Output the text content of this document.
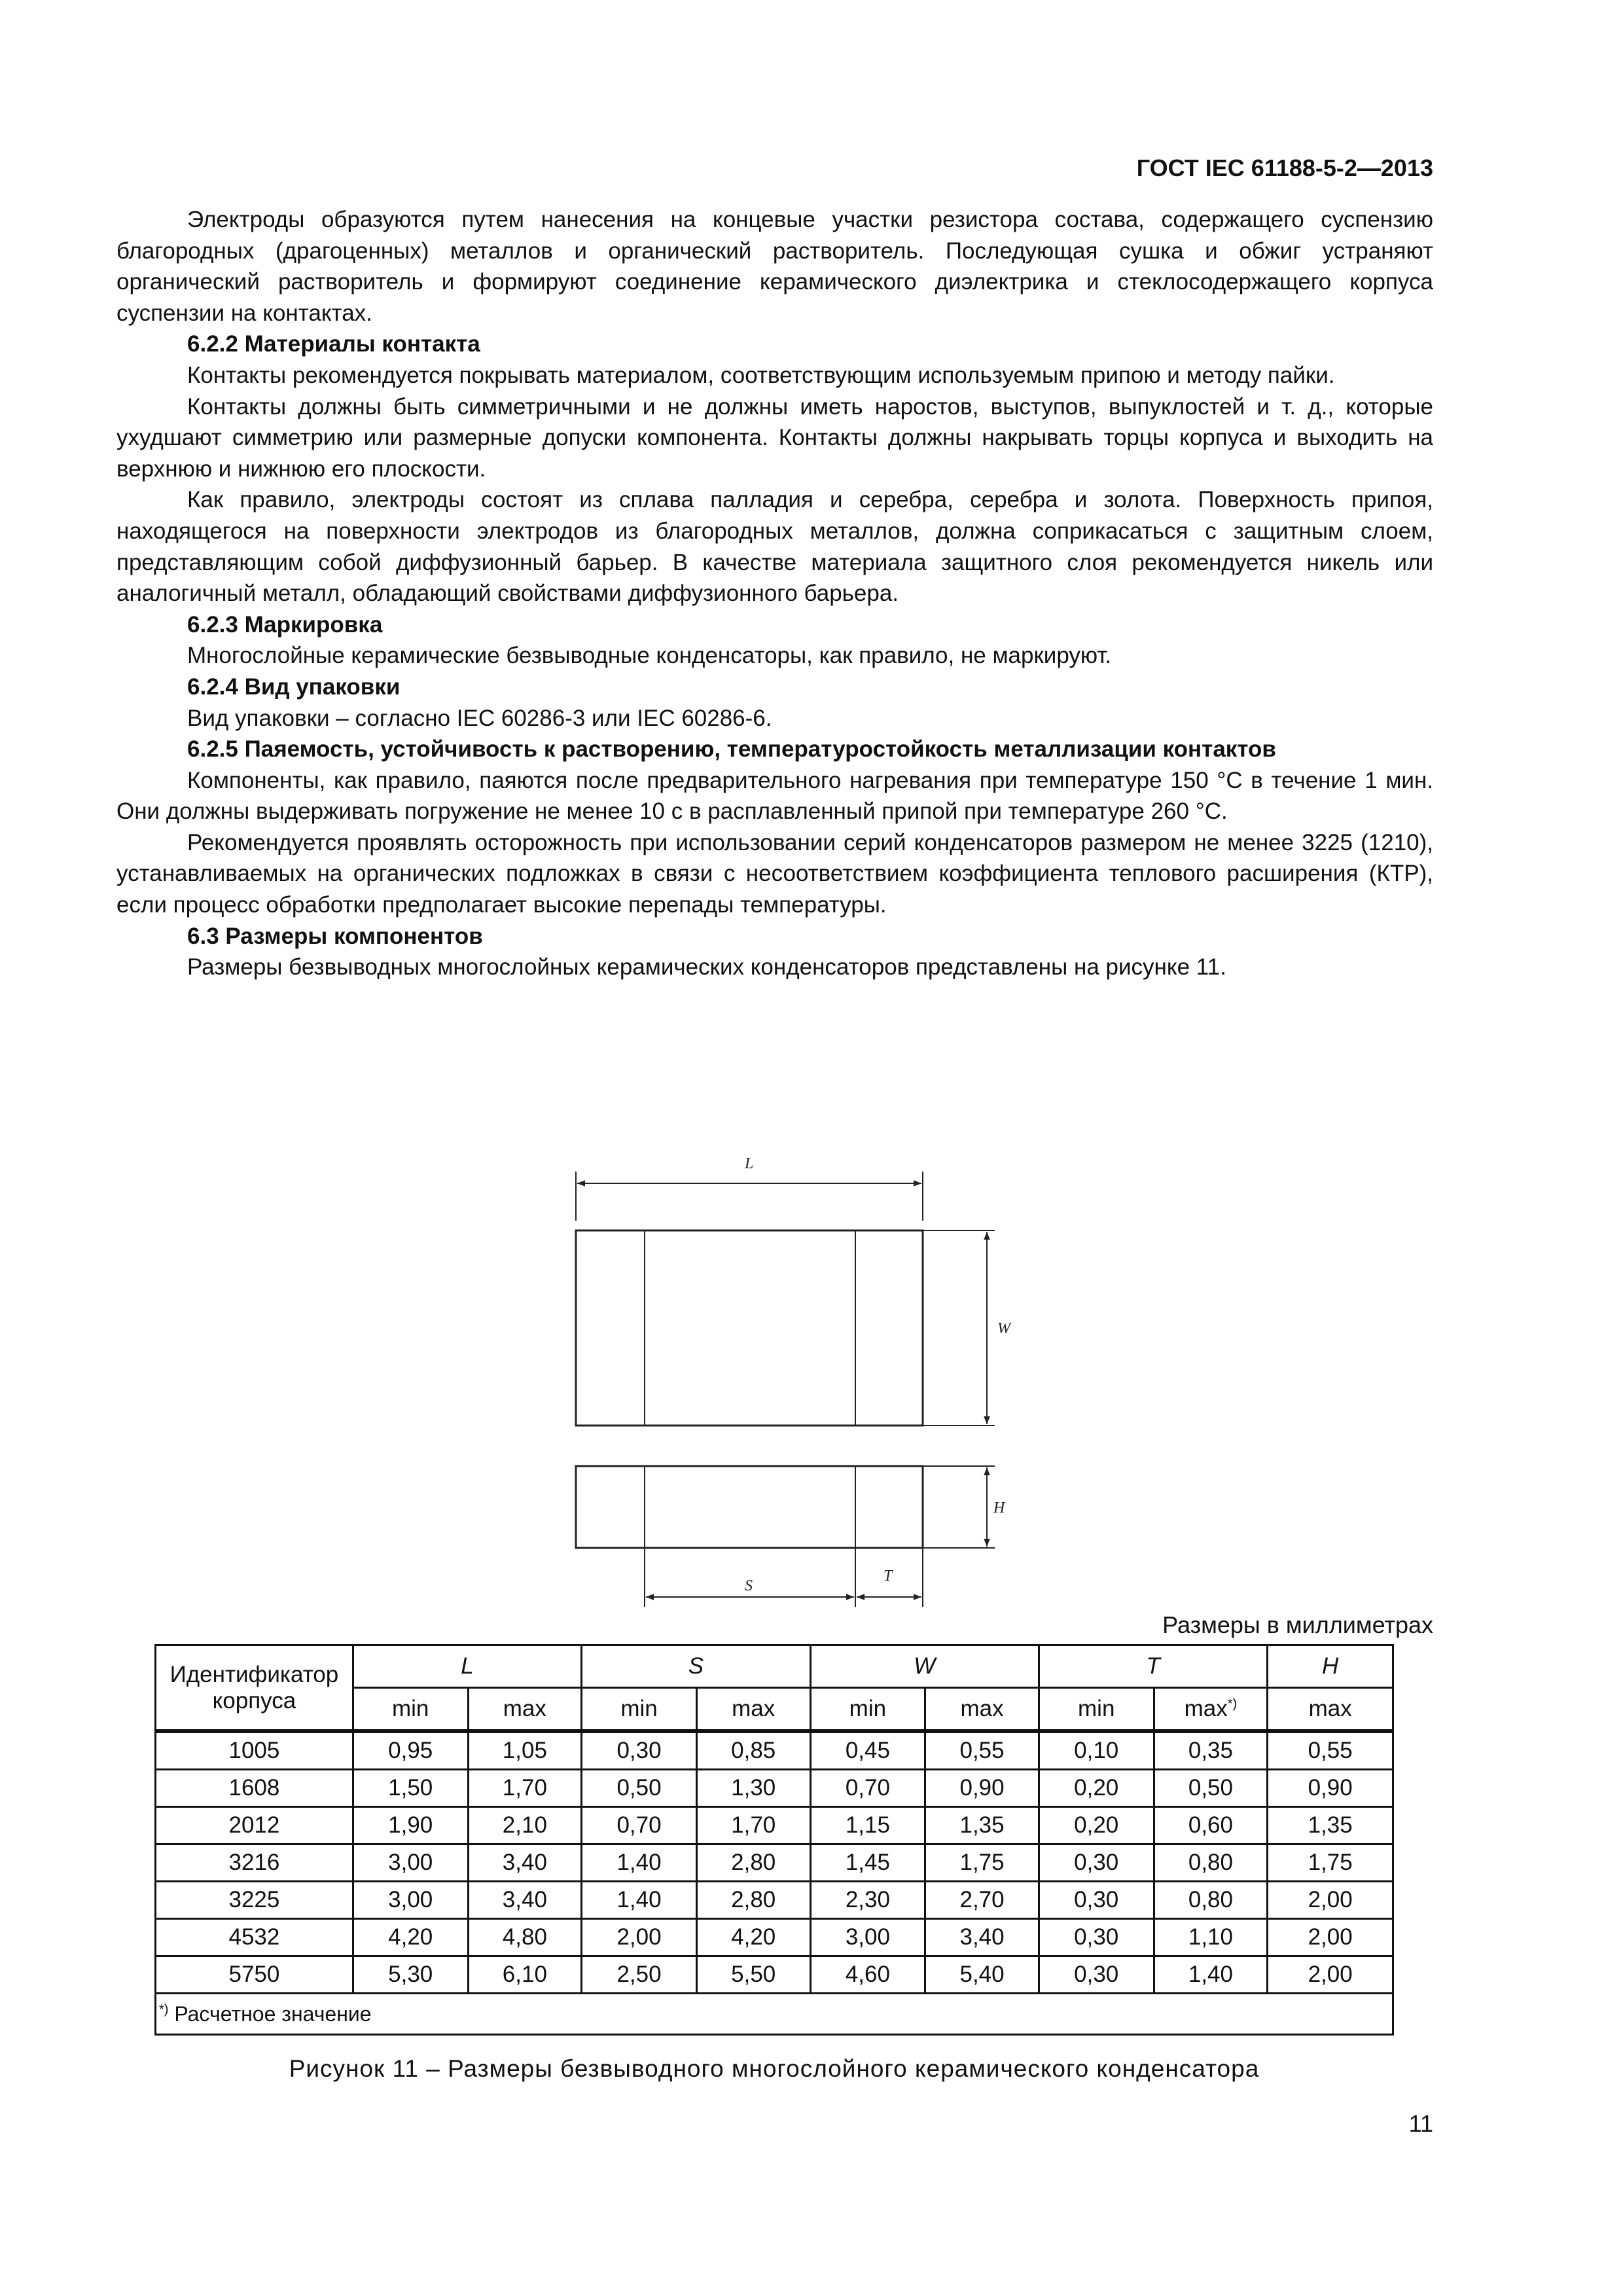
ГОСТ IEC 61188-5-2—2013

Электроды образуются путем нанесения на концевые участки резистора состава, содержащего суспензию благородных (драгоценных) металлов и органический растворитель. Последующая сушка и обжиг устраняют органический растворитель и формируют соединение керамического диэлектрика и стеклосодержащего корпуса суспензии на контактах.

6.2.2 Материалы контакта

Контакты рекомендуется покрывать материалом, соответствующим используемым припою и методу пайки.

Контакты должны быть симметричными и не должны иметь наростов, выступов, выпуклостей и т. д., которые ухудшают симметрию или размерные допуски компонента. Контакты должны накрывать торцы корпуса и выходить на верхнюю и нижнюю его плоскости.

Как правило, электроды состоят из сплава палладия и серебра, серебра и золота. Поверхность припоя, находящегося на поверхности электродов из благородных металлов, должна соприкасаться с защитным слоем, представляющим собой диффузионный барьер. В качестве материала защитного слоя рекомендуется никель или аналогичный металл, обладающий свойствами диффузионного барьера.

6.2.3 Маркировка

Многослойные керамические безвыводные конденсаторы, как правило, не маркируют.

6.2.4 Вид упаковки

Вид упаковки – согласно IEC 60286-3 или IEC 60286-6.

6.2.5 Паяемость, устойчивость к растворению, температуростойкость металлизации контактов

Компоненты, как правило, паяются после предварительного нагревания при температуре 150 °C в течение 1 мин. Они должны выдерживать погружение не менее 10 с в расплавленный припой при температуре 260 °C.

Рекомендуется проявлять осторожность при использовании серий конденсаторов размером не менее 3225 (1210), устанавливаемых на органических подложках в связи с несоответствием коэффициента теплового расширения (КТР), если процесс обработки предполагает высокие перепады температуры.

6.3 Размеры компонентов

Размеры безвыводных многослойных керамических конденсаторов представлены на рисунке 11.

L
W
H
S
T
Размеры в миллиметрах
Идентификатор корпуса	L		S		W		T		H
	min	max	min	max	min	max	min	max*)	max
1005	0,95	1,05	0,30	0,85	0,45	0,55	0,10	0,35	0,55
1608	1,50	1,70	0,50	1,30	0,70	0,90	0,20	0,50	0,90
2012	1,90	2,10	0,70	1,70	1,15	1,35	0,20	0,60	1,35
3216	3,00	3,40	1,40	2,80	1,45	1,75	0,30	0,80	1,75
3225	3,00	3,40	1,40	2,80	2,30	2,70	0,30	0,80	2,00
4532	4,20	4,80	2,00	4,20	3,00	3,40	0,30	1,10	2,00
5750	5,30	6,10	2,50	5,50	4,60	5,40	0,30	1,40	2,00
*) Расчетное значение									
Рисунок 11 – Размеры безвыводного многослойного керамического конденсатора
11
